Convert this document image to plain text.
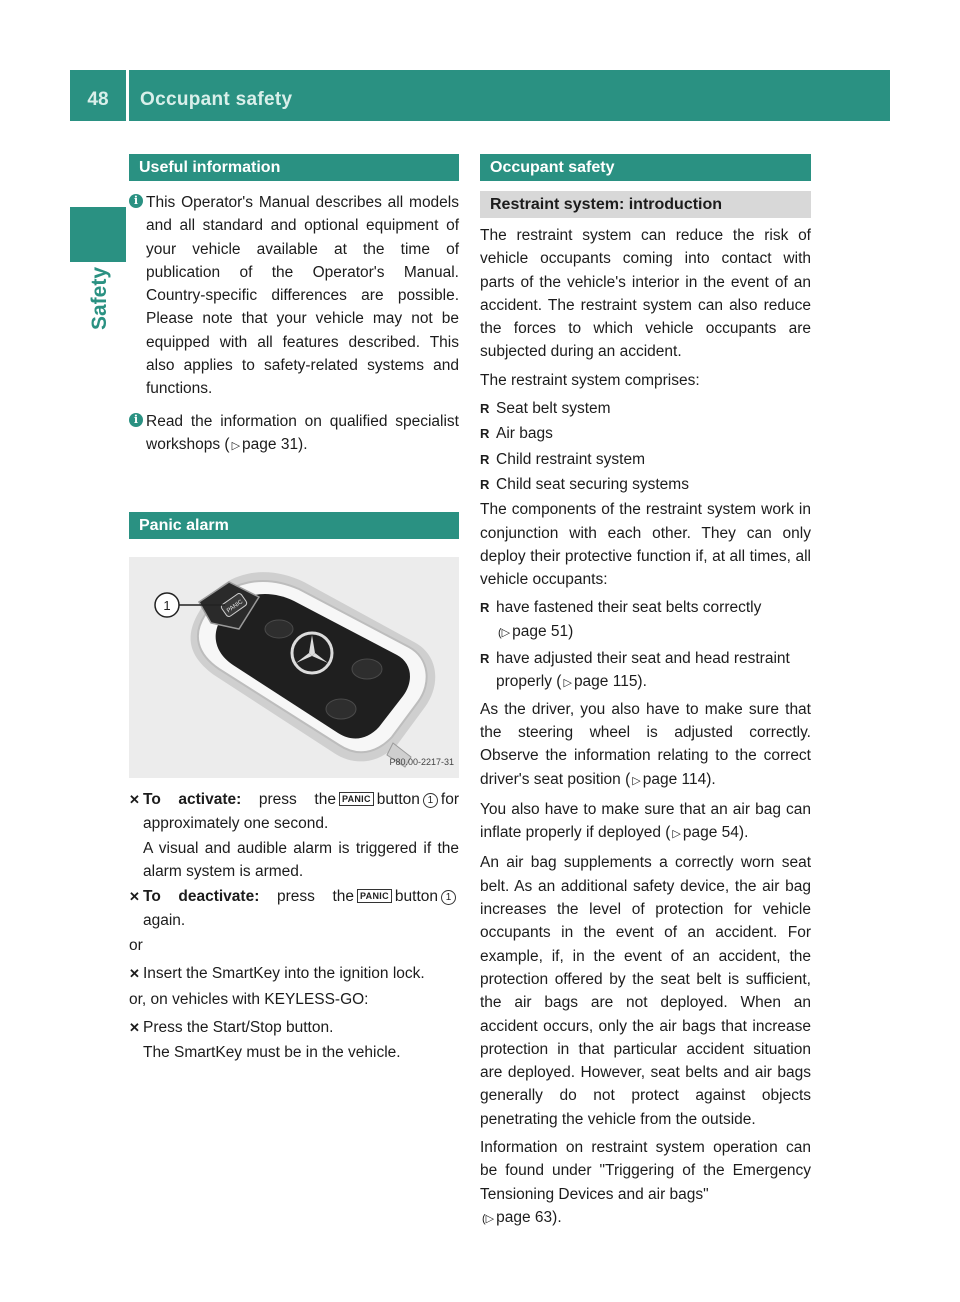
48	Occupant safety
Safety
Useful information
i This Operator's Manual describes all models and all standard and optional equipment of your vehicle available at the time of publication of the Operator's Manual. Country-specific differences are possible. Please note that your vehicle may not be equipped with all features described. This also applies to safety-related systems and functions.
i Read the information on qualified specialist workshops ( ▷ page 31).
Panic alarm
PANIC
1
P80.00-2217-31
✕ To activate: press the PANIC button 1 for approximately one second.
A visual and audible alarm is triggered if the alarm system is armed.
✕ To deactivate: press the PANIC button 1again.
or
✕ Insert the SmartKey into the ignition lock.
or, on vehicles with KEYLESS-GO:
✕ Press the Start/Stop button.
The SmartKey must be in the vehicle.
Occupant safety
Restraint system: introduction
The restraint system can reduce the risk of vehicle occupants coming into contact with parts of the vehicle's interior in the event of an accident. The restraint system can also reduce the forces to which vehicle occupants are subjected during an accident.
The restraint system comprises:
R Seat belt system
R Air bags
R Child restraint system
R Child seat securing systems
The components of the restraint system work in conjunction with each other. They can only deploy their protective function if, at all times, all vehicle occupants:
R have fastened their seat belts correctly
(▷ page 51)
R have adjusted their seat and head restraint properly ( ▷ page 115).
As the driver, you also have to make sure that the steering wheel is adjusted correctly. Observe the information relating to the correct driver's seat position ( ▷ page 114).
You also have to make sure that an air bag can inflate properly if deployed ( ▷ page 54).
An air bag supplements a correctly worn seat belt. As an additional safety device, the air bag increases the level of protection for vehicle occupants in the event of an accident. For example, if, in the event of an accident, the protection offered by the seat belt is sufficient, the air bags are not deployed. When an accident occurs, only the air bags that increase protection in that particular accident situation are deployed. However, seat belts and air bags generally do not protect against objects penetrating the vehicle from the outside.
Information on restraint system operation can be found under "Triggering of the Emergency Tensioning Devices and air bags"
(▷ page 63).
